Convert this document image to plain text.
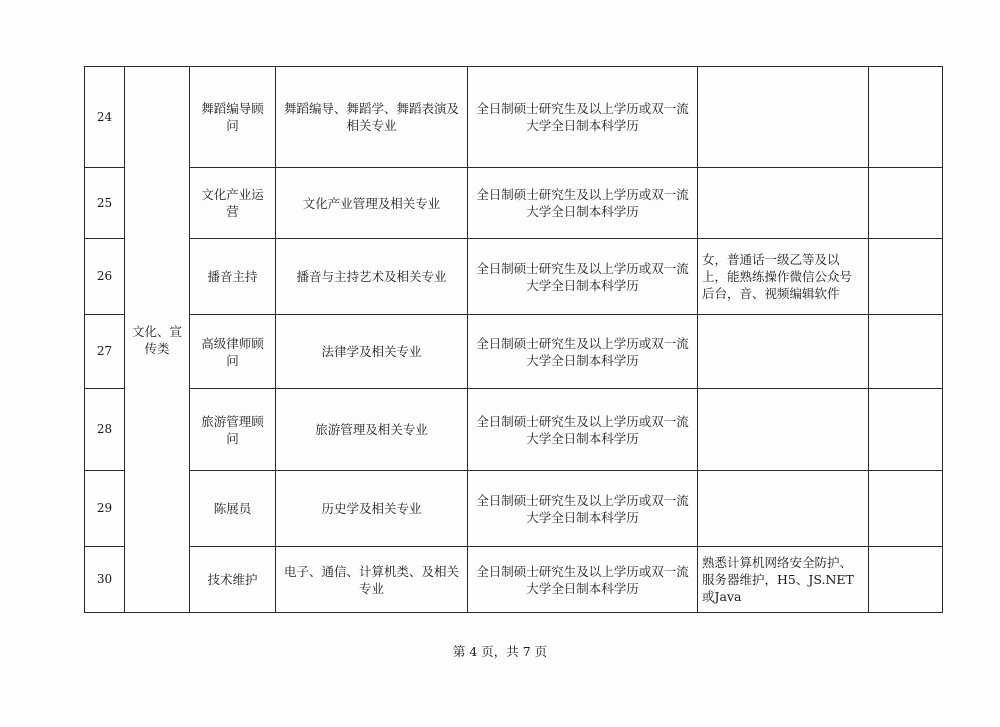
24	文化、宣传类	舞蹈编导顾问	舞蹈编导、舞蹈学、舞蹈表演及相关专业	全日制硕士研究生及以上学历或双一流大学全日制本科学历		
25		文化产业运营	文化产业管理及相关专业	全日制硕士研究生及以上学历或双一流大学全日制本科学历		
26		播音主持	播音与主持艺术及相关专业	全日制硕士研究生及以上学历或双一流大学全日制本科学历	女，普通话一级乙等及以上，能熟练操作微信公众号后台，音、视频编辑软件	
27		高级律师顾问	法律学及相关专业	全日制硕士研究生及以上学历或双一流大学全日制本科学历		
28		旅游管理顾问	旅游管理及相关专业	全日制硕士研究生及以上学历或双一流大学全日制本科学历		
29		陈展员	历史学及相关专业	全日制硕士研究生及以上学历或双一流大学全日制本科学历		
30		技术维护	电子、通信、计算机类、及相关专业	全日制硕士研究生及以上学历或双一流大学全日制本科学历	熟悉计算机网络安全防护、服务器维护，H5、JS.NET或Java	
第 4 页，共 7 页
